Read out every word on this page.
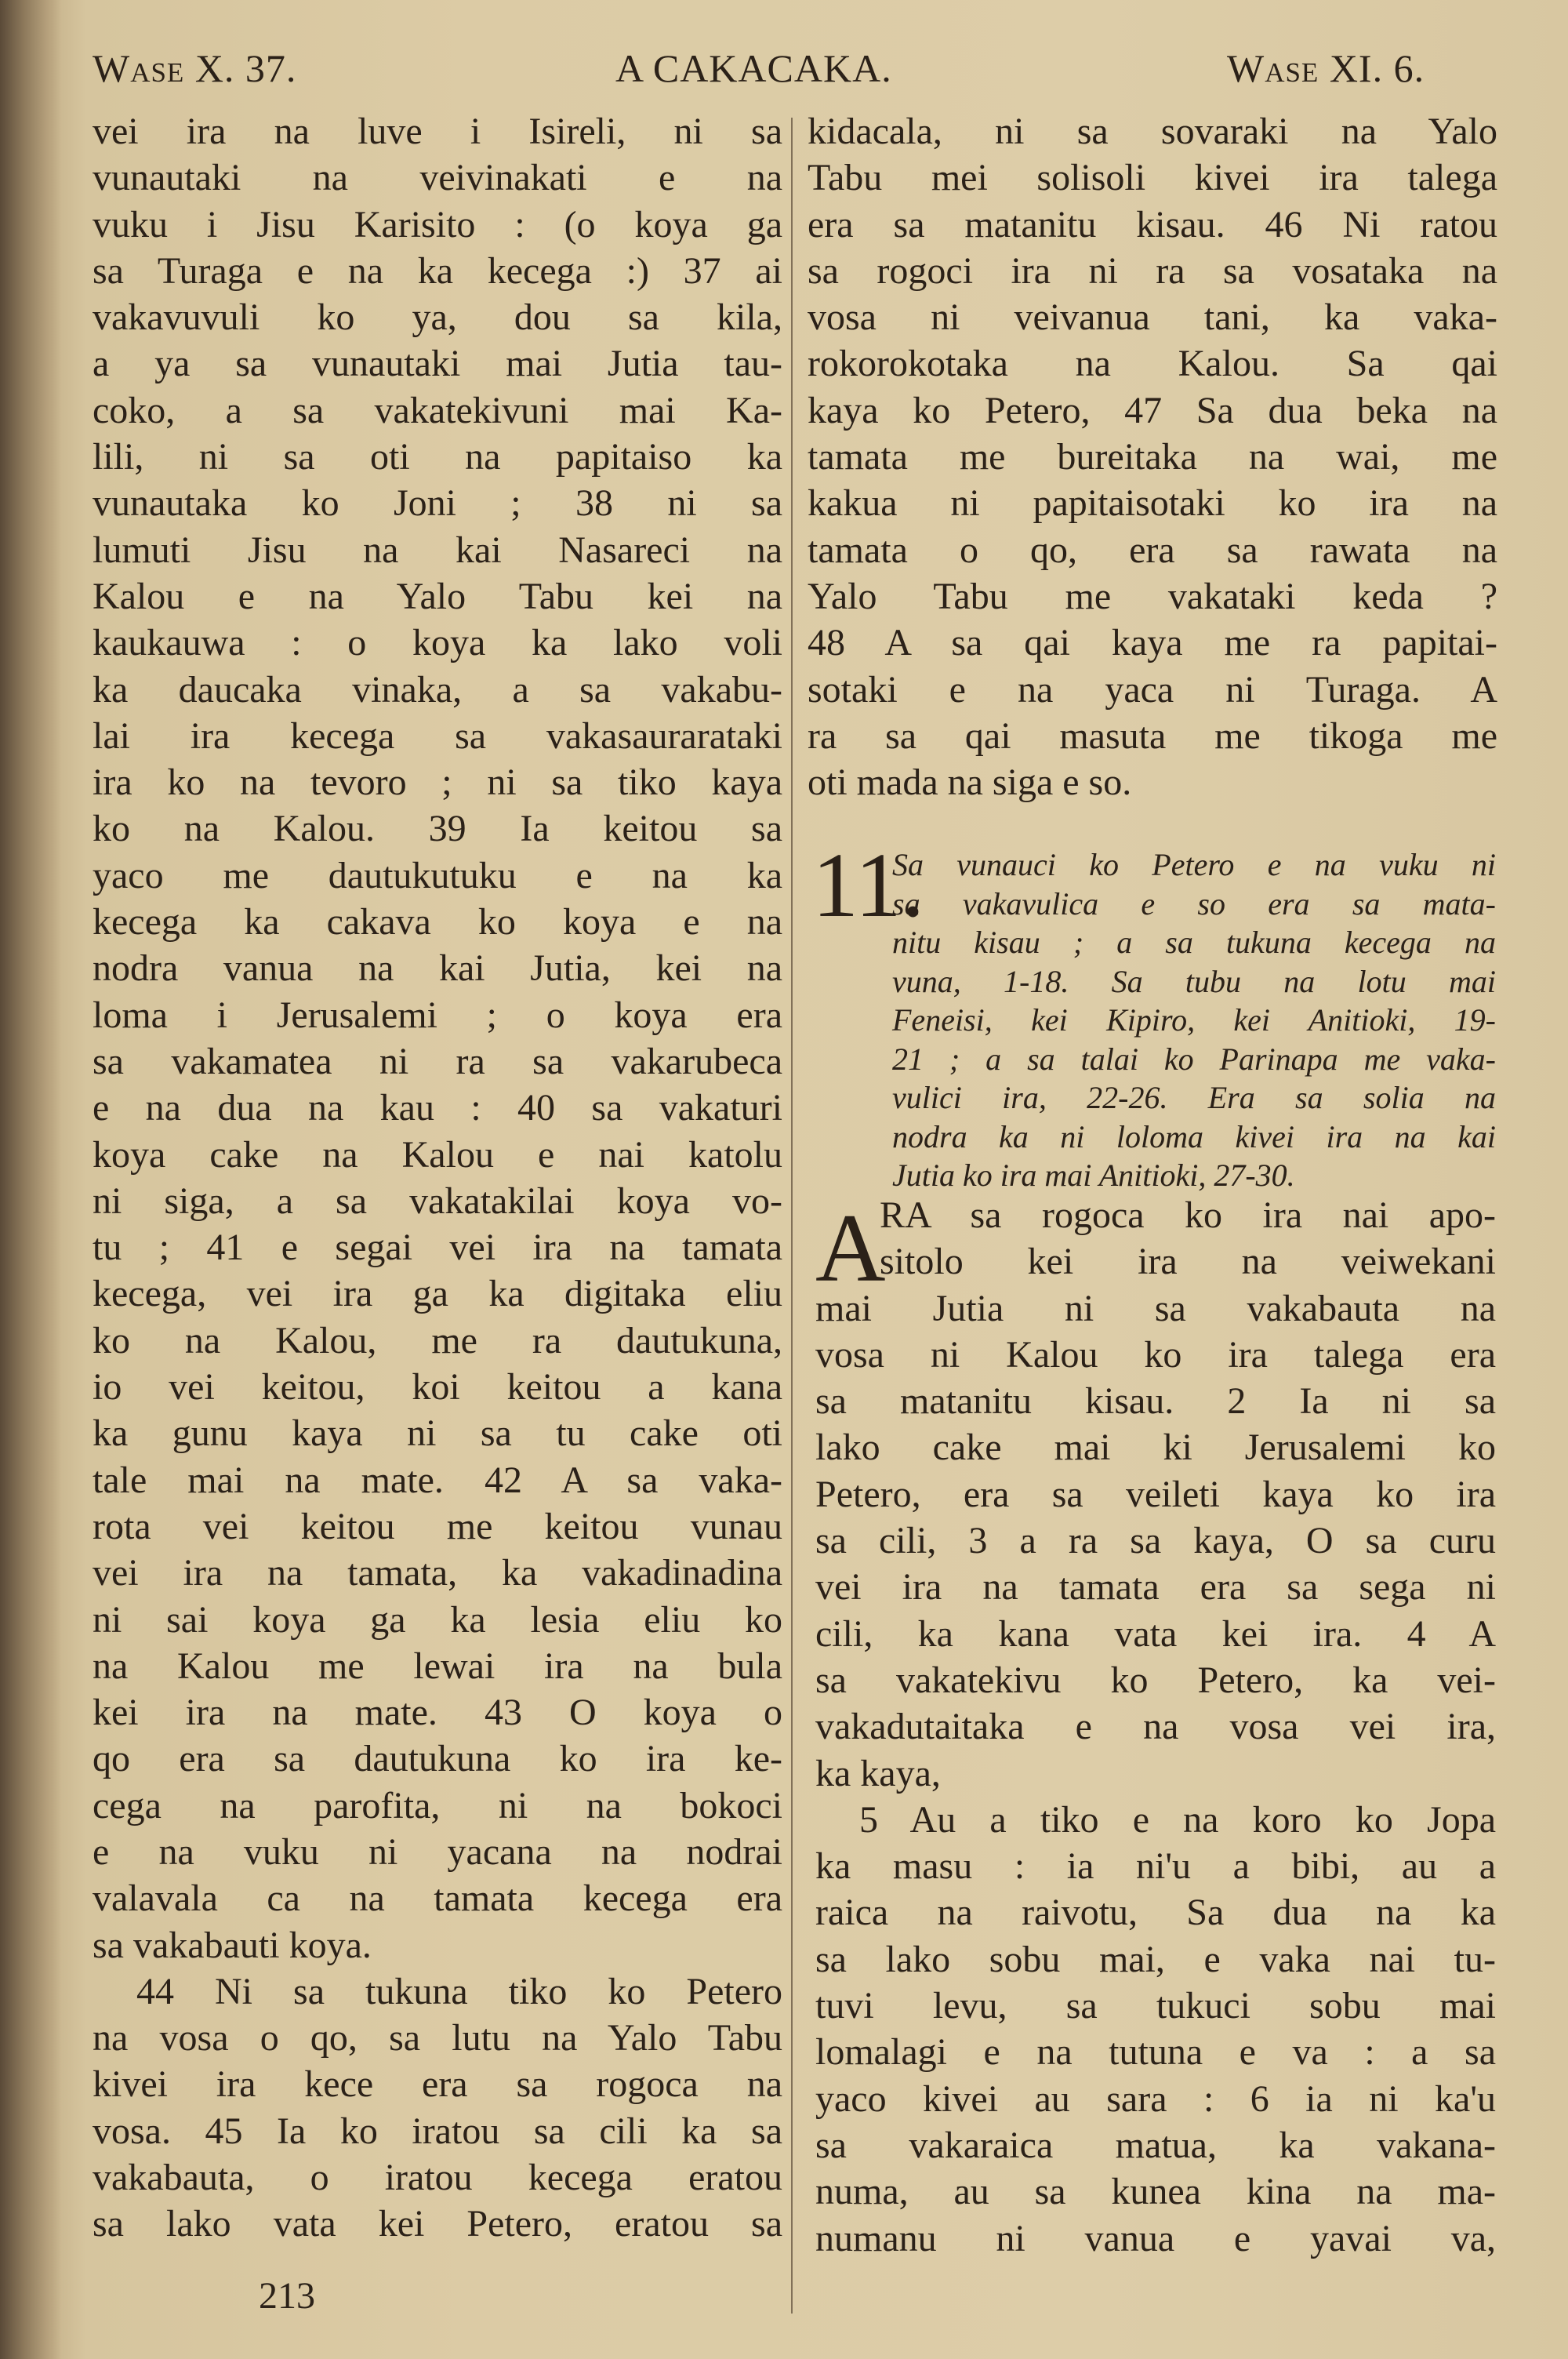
Wase X. 37.	A CAKACAKA.	Wase XI. 6.
vei ira na luve i Isireli, ni sa
vunautaki na veivinakati e na
vuku i Jisu Karisito : (o koya ga
sa Turaga e na ka kecega :) 37 ai
vakavuvuli ko ya, dou sa kila,
a ya sa vunautaki mai Jutia tau-
coko, a sa vakatekivuni mai Ka-
lili, ni sa oti na papitaiso ka
vunautaka ko Joni ; 38 ni sa
lumuti Jisu na kai Nasareci na
Kalou e na Yalo Tabu kei na
kaukauwa : o koya ka lako voli
ka daucaka vinaka, a sa vakabu-
lai ira kecega sa vakasaurarataki
ira ko na tevoro ; ni sa tiko kaya
ko na Kalou. 39 Ia keitou sa
yaco me dautukutuku e na ka
kecega ka cakava ko koya e na
nodra vanua na kai Jutia, kei na
loma i Jerusalemi ; o koya era
sa vakamatea ni ra sa vakarubeca
e na dua na kau : 40 sa vakaturi
koya cake na Kalou e nai katolu
ni siga, a sa vakatakilai koya vo-
tu ; 41 e segai vei ira na tamata
kecega, vei ira ga ka digitaka eliu
ko na Kalou, me ra dautukuna,
io vei keitou, koi keitou a kana
ka gunu kaya ni sa tu cake oti
tale mai na mate. 42 A sa vaka-
rota vei keitou me keitou vunau
vei ira na tamata, ka vakadinadina
ni sai koya ga ka lesia eliu ko
na Kalou me lewai ira na bula
kei ira na mate. 43 O koya o
qo era sa dautukuna ko ira ke-
cega na parofita, ni na bokoci
e na vuku ni yacana na nodrai
valavala ca na tamata kecega era
sa vakabauti koya.
44 Ni sa tukuna tiko ko Petero
na vosa o qo, sa lutu na Yalo Tabu
kivei ira kece era sa rogoca na
vosa. 45 Ia ko iratou sa cili ka sa
vakabauta, o iratou kecega eratou
sa lako vata kei Petero, eratou sa
kidacala, ni sa sovaraki na Yalo
Tabu mei solisoli kivei ira talega
era sa matanitu kisau. 46 Ni ratou
sa rogoci ira ni ra sa vosataka na
vosa ni veivanua tani, ka vaka-
rokorokotaka na Kalou. Sa qai
kaya ko Petero, 47 Sa dua beka na
tamata me bureitaka na wai, me
kakua ni papitaisotaki ko ira na
tamata o qo, era sa rawata na
Yalo Tabu me vakataki keda ?
48 A sa qai kaya me ra papitai-
sotaki e na yaca ni Turaga. A
ra sa qai masuta me tikoga me
oti mada na siga e so.
11.
Sa vunauci ko Petero e na vuku ni
sa vakavulica e so era sa mata-
nitu kisau ; a sa tukuna kecega na
vuna, 1-18. Sa tubu na lotu mai
Feneisi, kei Kipiro, kei Anitioki, 19-
21 ; a sa talai ko Parinapa me vaka-
vulici ira, 22-26. Era sa solia na
nodra ka ni loloma kivei ira na kai
Jutia ko ira mai Anitioki, 27-30.
A
RA sa rogoca ko ira nai apo-
sitolo kei ira na veiwekani
mai Jutia ni sa vakabauta na
vosa ni Kalou ko ira talega era
sa matanitu kisau. 2 Ia ni sa
lako cake mai ki Jerusalemi ko
Petero, era sa veileti kaya ko ira
sa cili, 3 a ra sa kaya, O sa curu
vei ira na tamata era sa sega ni
cili, ka kana vata kei ira. 4 A
sa vakatekivu ko Petero, ka vei-
vakadutaitaka e na vosa vei ira,
ka kaya,
5 Au a tiko e na koro ko Jopa
ka masu : ia ni'u a bibi, au a
raica na raivotu, Sa dua na ka
sa lako sobu mai, e vaka nai tu-
tuvi levu, sa tukuci sobu mai
lomalagi e na tutuna e va : a sa
yaco kivei au sara : 6 ia ni ka'u
sa vakaraica matua, ka vakana-
numa, au sa kunea kina na ma-
numanu ni vanua e yavai va,
213
